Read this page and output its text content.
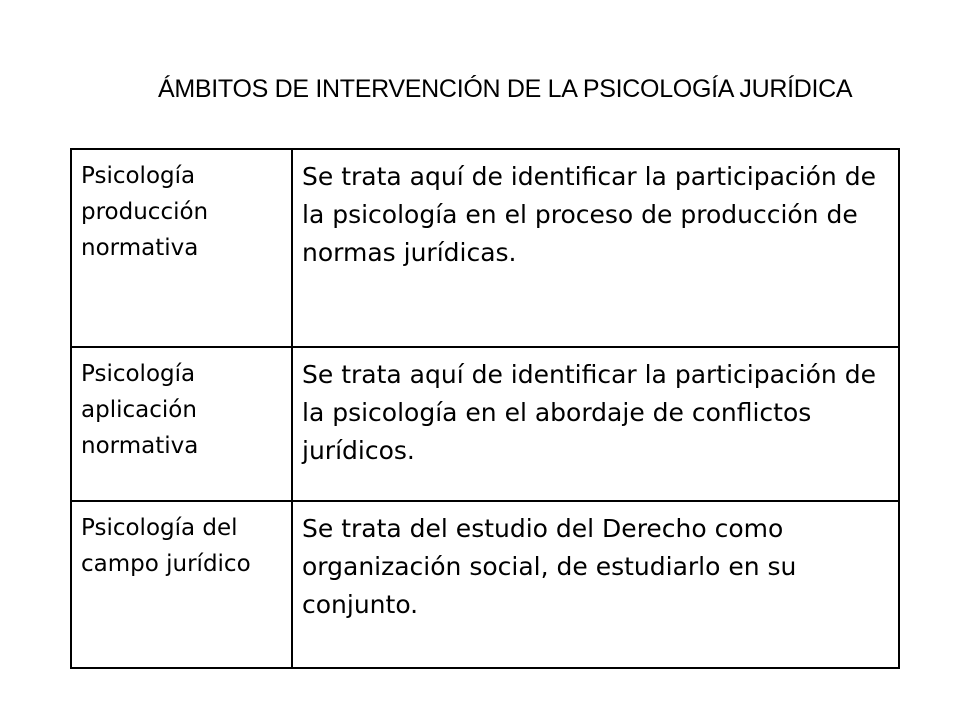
ÁMBITOS DE INTERVENCIÓN DE LA PSICOLOGÍA JURÍDICA
Psicología producción normativa	Se trata aquí de identificar la participación de la psicología en el proceso de producción de normas jurídicas.
Psicología aplicación normativa	Se trata aquí de identificar la participación de la psicología en el abordaje de conflictos jurídicos.
Psicología del campo jurídico	Se trata del estudio del Derecho como organización social, de estudiarlo en su conjunto.
